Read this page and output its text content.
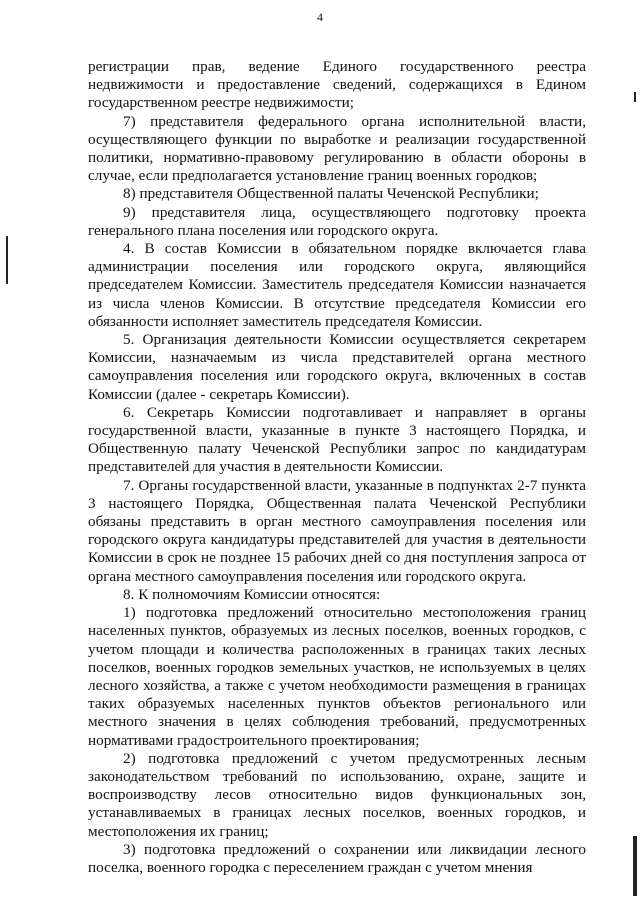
4

регистрации прав, ведение Единого государственного реестра недвижимости и предоставление сведений, содержащихся в Едином государственном реестре недвижимости;

7) представителя федерального органа исполнительной власти, осуществляющего функции по выработке и реализации государственной политики, нормативно-правовому регулированию в области обороны в случае, если предполагается установление границ военных городков;

8) представителя Общественной палаты Чеченской Республики;

9) представителя лица, осуществляющего подготовку проекта генерального плана поселения или городского округа.

4. В состав Комиссии в обязательном порядке включается глава администрации поселения или городского округа, являющийся председателем Комиссии. Заместитель председателя Комиссии назначается из числа членов Комиссии. В отсутствие председателя Комиссии его обязанности исполняет заместитель председателя Комиссии.

5. Организация деятельности Комиссии осуществляется секретарем Комиссии, назначаемым из числа представителей органа местного самоуправления поселения или городского округа, включенных в состав Комиссии (далее - секретарь Комиссии).

6. Секретарь Комиссии подготавливает и направляет в органы государственной власти, указанные в пункте 3 настоящего Порядка, и Общественную палату Чеченской Республики запрос по кандидатурам представителей для участия в деятельности Комиссии.

7. Органы государственной власти, указанные в подпунктах 2-7 пункта 3 настоящего Порядка, Общественная палата Чеченской Республики обязаны представить в орган местного самоуправления поселения или городского округа кандидатуры представителей для участия в деятельности Комиссии в срок не позднее 15 рабочих дней со дня поступления запроса от органа местного самоуправления поселения или городского округа.

8. К полномочиям Комиссии относятся:

1) подготовка предложений относительно местоположения границ населенных пунктов, образуемых из лесных поселков, военных городков, с учетом площади и количества расположенных в границах таких лесных поселков, военных городков земельных участков, не используемых в целях лесного хозяйства, а также с учетом необходимости размещения в границах таких образуемых населенных пунктов объектов регионального или местного значения в целях соблюдения требований, предусмотренных нормативами градостроительного проектирования;

2) подготовка предложений с учетом предусмотренных лесным законодательством требований по использованию, охране, защите и воспроизводству лесов относительно видов функциональных зон, устанавливаемых в границах лесных поселков, военных городков, и местоположения их границ;

3) подготовка предложений о сохранении или ликвидации лесного поселка, военного городка с переселением граждан с учетом мнения
